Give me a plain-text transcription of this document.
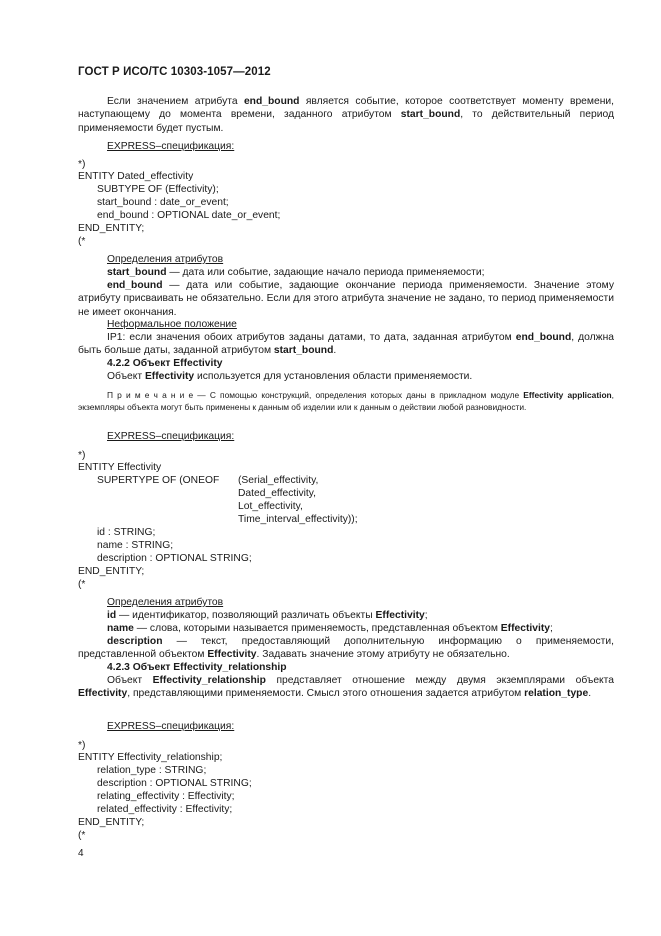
ГОСТ Р ИСО/ТС 10303-1057—2012
Если значением атрибута end_bound является событие, которое соответствует моменту времени, наступающему до момента времени, заданного атрибутом start_bound, то действительный период применяемости будет пустым.
EXPRESS–спецификация:
*)
ENTITY Dated_effectivity
SUBTYPE OF (Effectivity);
start_bound : date_or_event;
end_bound : OPTIONAL date_or_event;
END_ENTITY;
(*
Определения атрибутов
start_bound — дата или событие, задающие начало периода применяемости;
end_bound — дата или событие, задающие окончание периода применяемости. Значение этому атрибуту присваивать не обязательно. Если для этого атрибута значение не задано, то период применяемости не имеет окончания.
Неформальное положение
IP1: если значения обоих атрибутов заданы датами, то дата, заданная атрибутом end_bound, должна быть больше даты, заданной атрибутом start_bound.
4.2.2 Объект Effectivity
Объект Effectivity используется для установления области применяемости.
П р и м е ч а н и е — С помощью конструкций, определения которых даны в прикладном модуле Effectivity application, экземпляры объекта могут быть применены к данным об изделии или к данным о действии любой разновидности.
EXPRESS–спецификация:
*)
ENTITY Effectivity
SUPERTYPE OF (ONEOF (Serial_effectivity,
Dated_effectivity,
Lot_effectivity,
Time_interval_effectivity));
id : STRING;
name : STRING;
description : OPTIONAL STRING;
END_ENTITY;
(*
Определения атрибутов
id — идентификатор, позволяющий различать объекты Effectivity;
name — слова, которыми называется применяемость, представленная объектом Effectivity;
description — текст, предоставляющий дополнительную информацию о применяемости, представленной объектом Effectivity. Задавать значение этому атрибуту не обязательно.
4.2.3 Объект Effectivity_relationship
Объект Effectivity_relationship представляет отношение между двумя экземплярами объекта Effectivity, представляющими применяемости. Смысл этого отношения задается атрибутом relation_type.
EXPRESS–спецификация:
*)
ENTITY Effectivity_relationship;
relation_type : STRING;
description : OPTIONAL STRING;
relating_effectivity : Effectivity;
related_effectivity : Effectivity;
END_ENTITY;
(*
4
